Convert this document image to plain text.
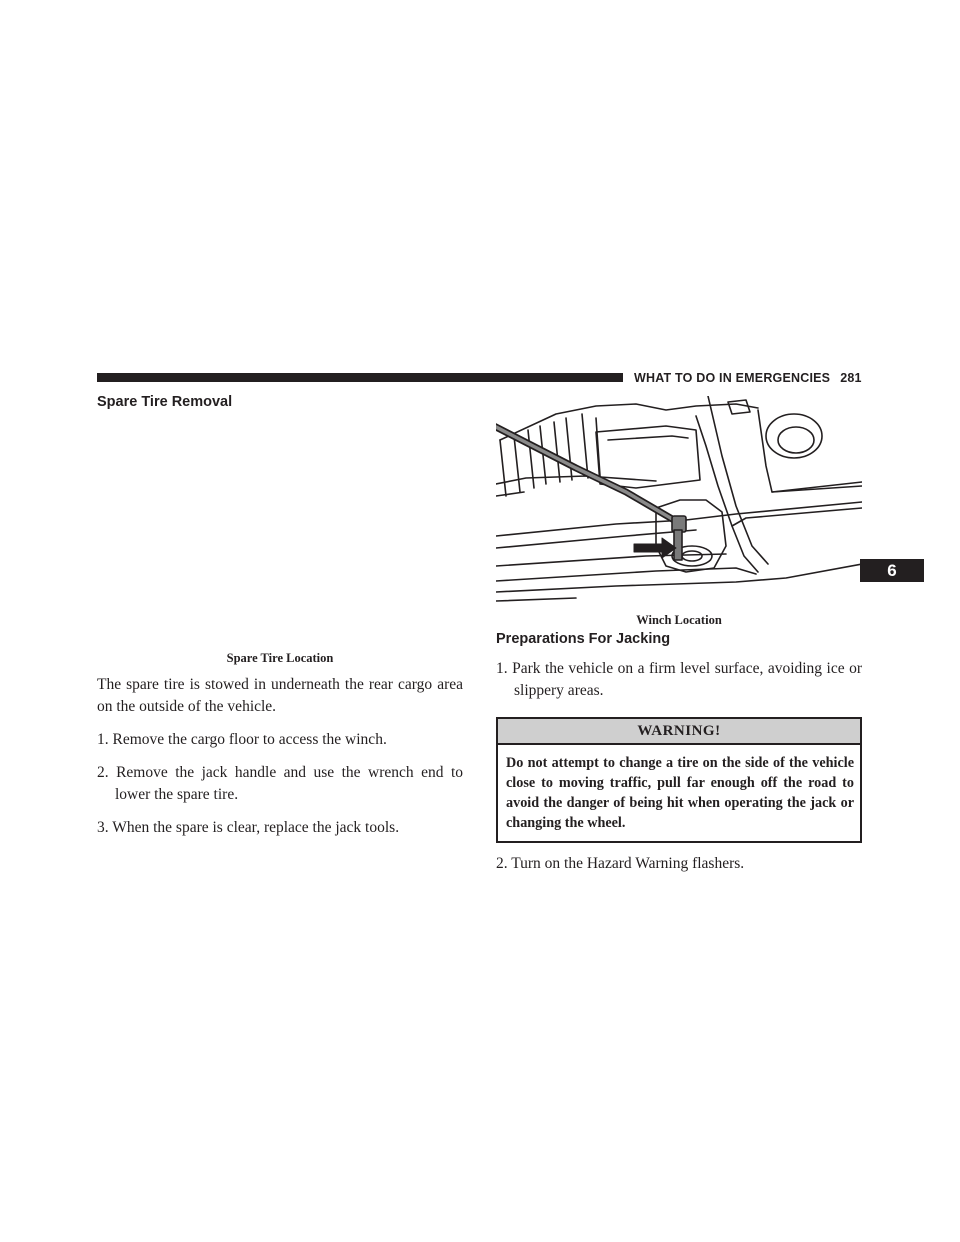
WHAT TO DO IN EMERGENCIES 281
6
Spare Tire Removal
Spare Tire Location

The spare tire is stowed in underneath the rear cargo area on the outside of the vehicle.

1. Remove the cargo floor to access the winch.
2. Remove the jack handle and use the wrench end to lower the spare tire.
3. When the spare is clear, replace the jack tools.
Winch Location
Preparations For Jacking
1. Park the vehicle on a firm level surface, avoiding ice or slippery areas.
WARNING!
Do not attempt to change a tire on the side of the vehicle close to moving traffic, pull far enough off the road to avoid the danger of being hit when operating the jack or changing the wheel.
2. Turn on the Hazard Warning flashers.
